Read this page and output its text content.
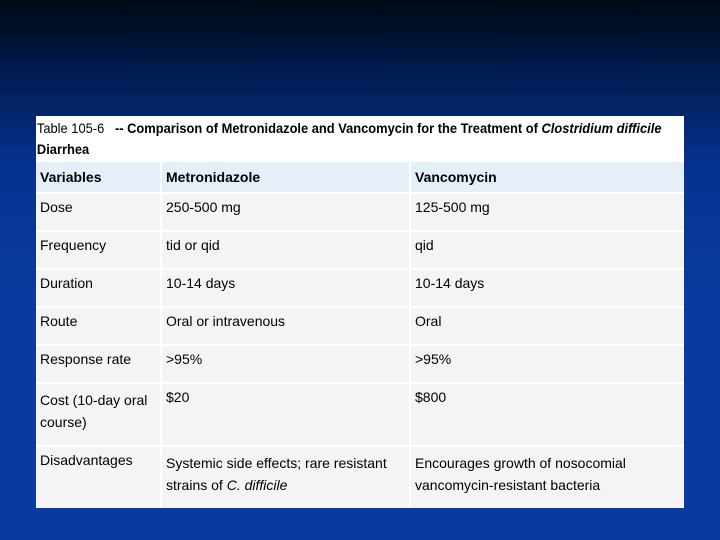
Table 105-6 -- Comparison of Metronidazole and Vancomycin for the Treatment of Clostridium difficile
Diarrhea
Variables	Metronidazole	Vancomycin
Dose	250-500 mg	125-500 mg
Frequency	tid or qid	qid
Duration	10-14 days	10-14 days
Route	Oral or intravenous	Oral
Response rate	>95%	>95%

Cost (10-day oral course)	$20	$800
Disadvantages	Systemic side effects; rare resistant strains of C. difficile	Encourages growth of nosocomial vancomycin-resistant bacteria
